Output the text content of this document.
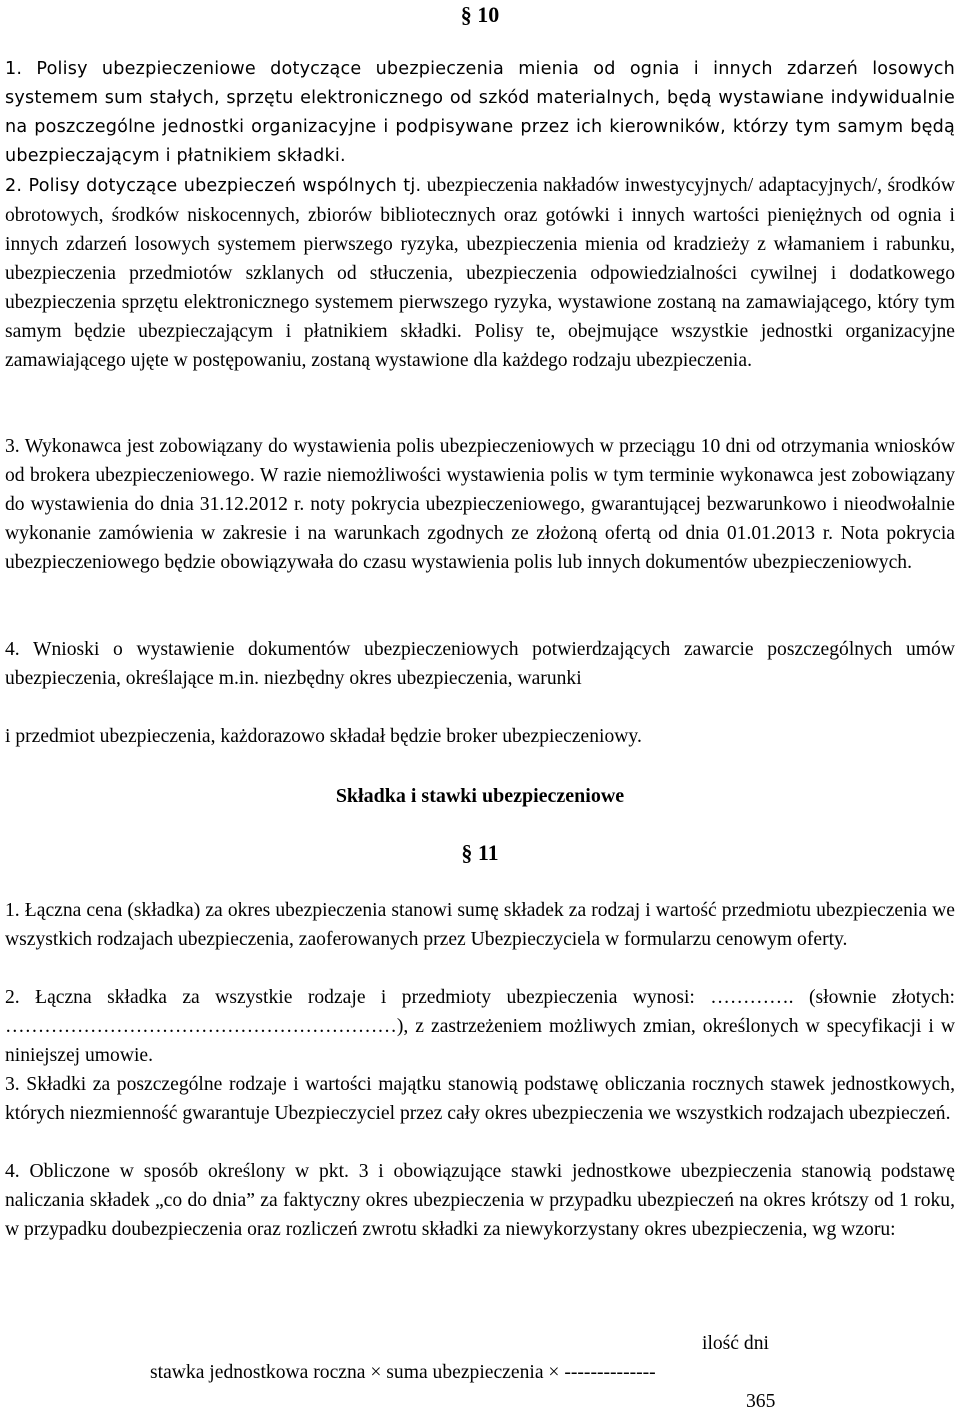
§ 10

1. Polisy ubezpieczeniowe dotyczące ubezpieczenia mienia od ognia i innych zdarzeń losowych systemem sum stałych, sprzętu elektronicznego od szkód materialnych, będą wystawiane indywidualnie na poszczególne jednostki organizacyjne i podpisywane przez ich kierowników, którzy tym samym będą ubezpieczającym i płatnikiem składki.

2. Polisy dotyczące ubezpieczeń wspólnych tj. ubezpieczenia nakładów inwestycyjnych/ adaptacyjnych/, środków obrotowych, środków niskocennych, zbiorów bibliotecznych oraz gotówki i innych wartości pieniężnych od ognia i innych zdarzeń losowych systemem pierwszego ryzyka, ubezpieczenia mienia od kradzieży z włamaniem i rabunku, ubezpieczenia przedmiotów szklanych od stłuczenia, ubezpieczenia odpowiedzialności cywilnej i dodatkowego ubezpieczenia sprzętu elektronicznego systemem pierwszego ryzyka, wystawione zostaną na zamawiającego, który tym samym będzie ubezpieczającym i płatnikiem składki. Polisy te, obejmujące wszystkie jednostki organizacyjne zamawiającego ujęte w postępowaniu, zostaną wystawione dla każdego rodzaju ubezpieczenia.

3. Wykonawca jest zobowiązany do wystawienia polis ubezpieczeniowych w przeciągu 10 dni od otrzymania wniosków od brokera ubezpieczeniowego. W razie niemożliwości wystawienia polis w tym terminie wykonawca jest zobowiązany do wystawienia do dnia 31.12.2012 r. noty pokrycia ubezpieczeniowego, gwarantującej bezwarunkowo i nieodwołalnie wykonanie zamówienia w zakresie i na warunkach zgodnych ze złożoną ofertą od dnia 01.01.2013 r. Nota pokrycia ubezpieczeniowego będzie obowiązywała do czasu wystawienia polis lub innych dokumentów ubezpieczeniowych.

4. Wnioski o wystawienie dokumentów ubezpieczeniowych potwierdzających zawarcie poszczególnych umów ubezpieczenia, określające m.in. niezbędny okres ubezpieczenia, warunki

i przedmiot ubezpieczenia, każdorazowo składał będzie broker ubezpieczeniowy.

Składka i stawki ubezpieczeniowe
§ 11

1. Łączna cena (składka) za okres ubezpieczenia stanowi sumę składek za rodzaj i wartość przedmiotu ubezpieczenia we wszystkich rodzajach ubezpieczenia, zaoferowanych przez Ubezpieczyciela w formularzu cenowym oferty.

2. Łączna składka za wszystkie rodzaje i przedmioty ubezpieczenia wynosi: …………. (słownie złotych: ……………………………………………………), z zastrzeżeniem możliwych zmian, określonych w specyfikacji i w niniejszej umowie.

3. Składki za poszczególne rodzaje i wartości majątku stanowią podstawę obliczania rocznych stawek jednostkowych, których niezmienność gwarantuje Ubezpieczyciel przez cały okres ubezpieczenia we wszystkich rodzajach ubezpieczeń.

4. Obliczone w sposób określony w pkt. 3 i obowiązujące stawki jednostkowe ubezpieczenia stanowią podstawę naliczania składek „co do dnia” za faktyczny okres ubezpieczenia w przypadku ubezpieczeń na okres krótszy od 1 roku, w przypadku doubezpieczenia oraz rozliczeń zwrotu składki za niewykorzystany okres ubezpieczenia, wg wzoru:

ilość dni
stawka jednostkowa roczna × suma ubezpieczenia × --------------
365
